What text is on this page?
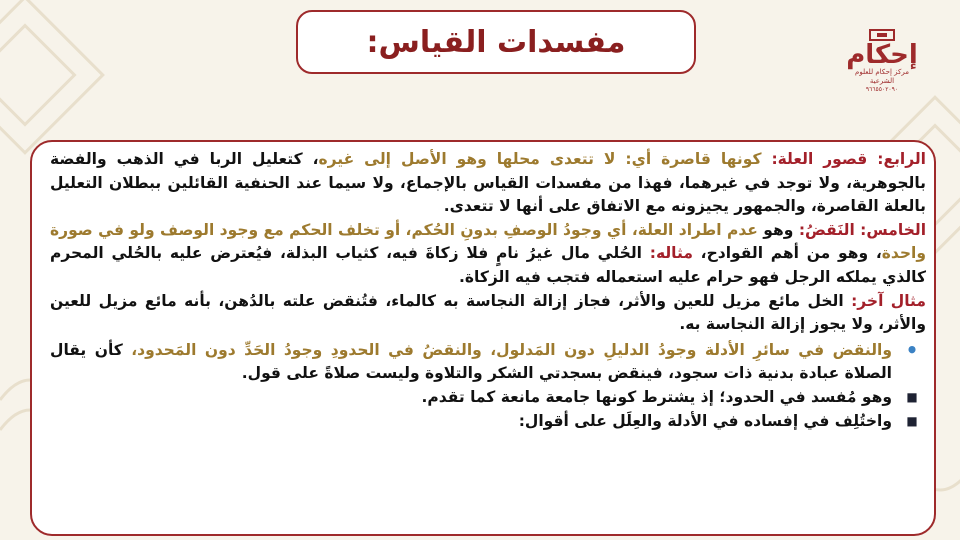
مفسدات القياس:	إحكام
مركز إحكام للعلوم الشرعية
٩٦٦٥٥٠٢٠٩٠

الرابع: قصور العلة: كونها قاصرة أي: لا تتعدى محلها وهو الأصل إلى غيره، كتعليل الربا في الذهب والفضة بالجوهرية، ولا توجد في غيرهما، فهذا من مفسدات القياس بالإجماع، ولا سيما عند الحنفية القائلين ببطلان التعليل بالعلة القاصرة، والجمهور يجيزونه مع الاتفاق على أنها لا تتعدى.

الخامس: النَقضُ: وهو عدم اطراد العلة، أي وجودُ الوصفِ بدونِ الحُكم، أو تخلف الحكم مع وجود الوصف ولو في صورة واحدة، وهو من أهم القوادح، مثاله: الحُلي مال غيرُ نامٍ فلا زكاةَ فيه، كثياب البذلة، فيُعترض عليه بالحُلي المحرم كالذي يملكه الرجل فهو حرام عليه استعماله فتجب فيه الزكاة.

مثال آخر: الخل مائع مزيل للعين والأثر، فجاز إزالة النجاسة به كالماء، فتُنقض علته بالدُهن، بأنه مائع مزيل للعين والأثر، ولا يجوز إزالة النجاسة به.

•
والنقض في سائرِ الأدلة وجودُ الدليلِ دون المَدلول، والنقضُ في الحدودِ وجودُ الحَدِّ دون المَحدود، كأن يقال الصلاة عبادة بدنية ذات سجود، فينقض بسجدتي الشكر والتلاوة وليست صلاةً على قول.
■
وهو مُفسد في الحدود؛ إذ يشترط كونها جامعة مانعة كما تقدم.
■
واختُلِف في إفساده في الأدلة والعِلَل على أقوال:
